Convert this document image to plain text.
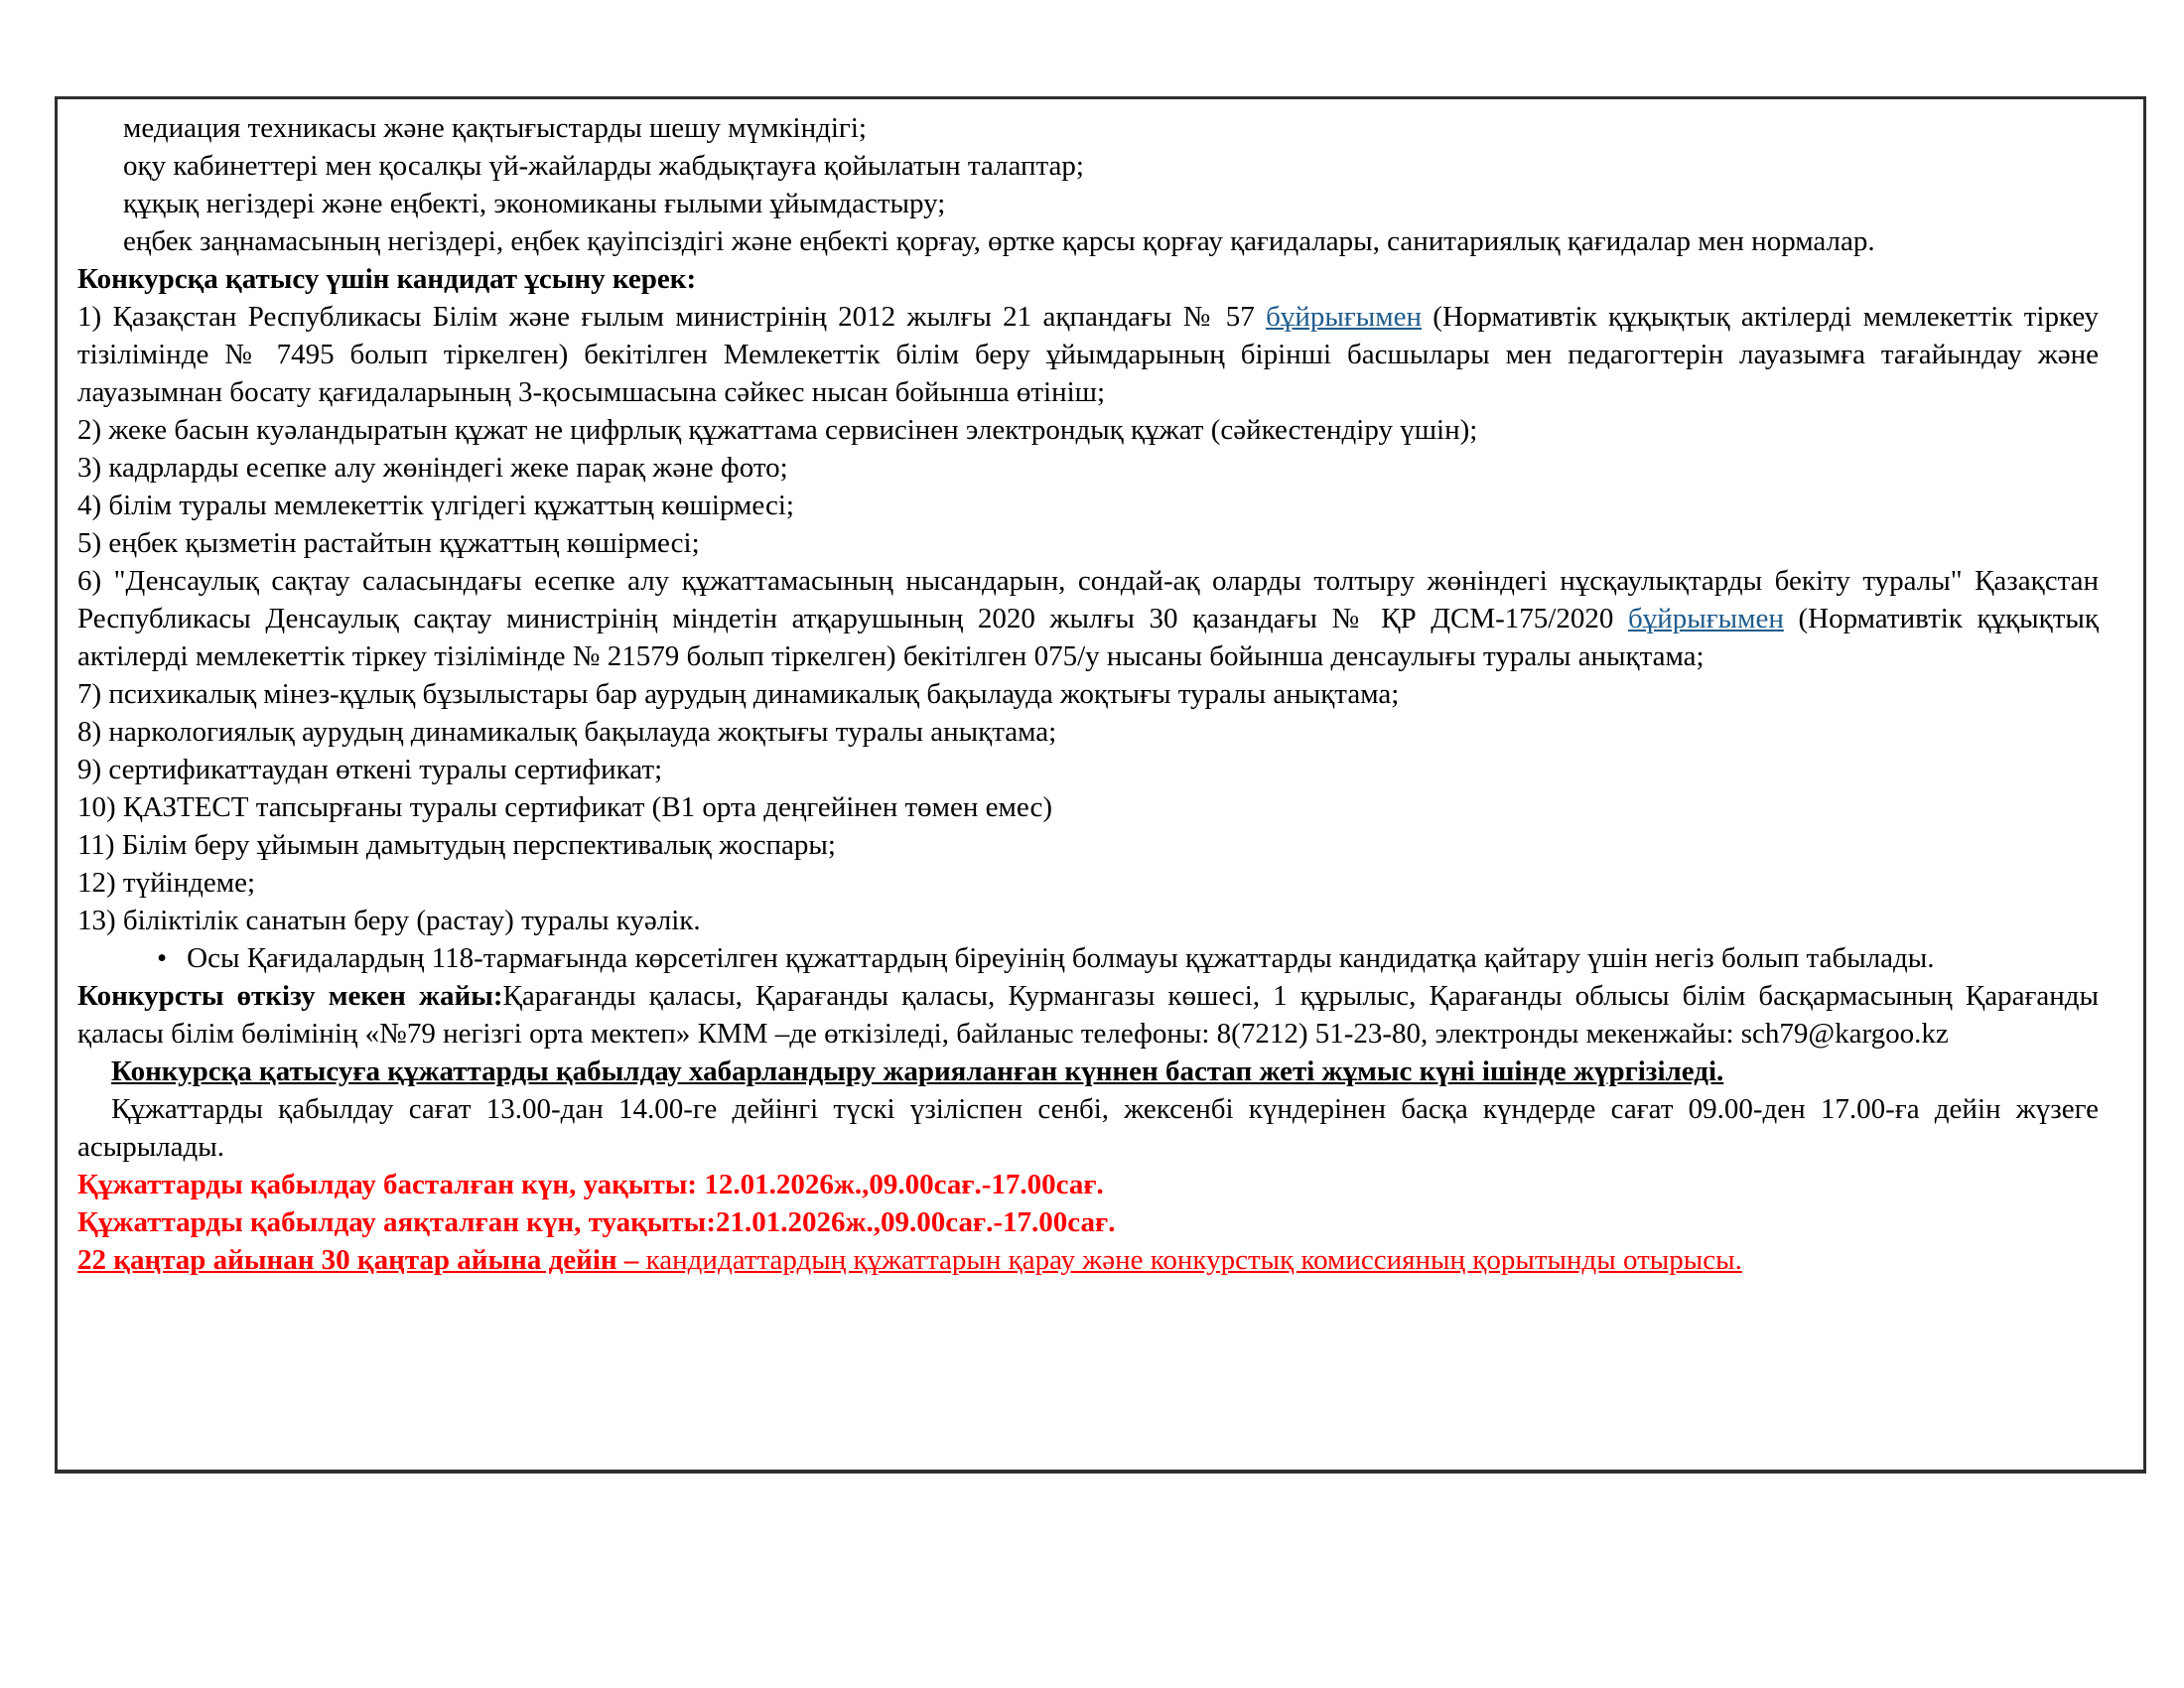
медиация техникасы және қақтығыстарды шешу мүмкіндігі;

оқу кабинеттері мен қосалқы үй-жайларды жабдықтауға қойылатын талаптар;

құқық негіздері және еңбекті, экономиканы ғылыми ұйымдастыру;

еңбек заңнамасының негіздері, еңбек қауіпсіздігі және еңбекті қорғау, өртке қарсы қорғау қағидалары, санитариялық қағидалар мен нормалар.

Конкурсқа қатысу үшін кандидат ұсыну керек:

1) Қазақстан Республикасы Білім және ғылым министрінің 2012 жылғы 21 ақпандағы № 57 бұйрығымен (Нормативтік құқықтық актілерді мемлекеттік тіркеу тізілімінде № 7495 болып тіркелген) бекітілген Мемлекеттік білім беру ұйымдарының бірінші басшылары мен педагогтерін лауазымға тағайындау және лауазымнан босату қағидаларының 3-қосымшасына сәйкес нысан бойынша өтініш;

2) жеке басын куәландыратын құжат не цифрлық құжаттама сервисінен электрондық құжат (сәйкестендіру үшін);

3) кадрларды есепке алу жөніндегі жеке парақ және фото;

4) білім туралы мемлекеттік үлгідегі құжаттың көшірмесі;

5) еңбек қызметін растайтын құжаттың көшірмесі;

6) "Денсаулық сақтау саласындағы есепке алу құжаттамасының нысандарын, сондай-ақ оларды толтыру жөніндегі нұсқаулықтарды бекіту туралы" Қазақстан Республикасы Денсаулық сақтау министрінің міндетін атқарушының 2020 жылғы 30 қазандағы № ҚР ДСМ-175/2020 бұйрығымен (Нормативтік құқықтық актілерді мемлекеттік тіркеу тізілімінде № 21579 болып тіркелген) бекітілген 075/у нысаны бойынша денсаулығы туралы анықтама;

7) психикалық мінез-құлық бұзылыстары бар аурудың динамикалық бақылауда жоқтығы туралы анықтама;

8) наркологиялық аурудың динамикалық бақылауда жоқтығы туралы анықтама;

9) сертификаттаудан өткені туралы сертификат;

10) ҚАЗТЕСТ тапсырғаны туралы сертификат (B1 орта деңгейінен төмен емес)

11) Білім беру ұйымын дамытудың перспективалық жоспары;

12) түйіндеме;

13) біліктілік санатын беру (растау) туралы куәлік.

• Осы Қағидалардың 118-тармағында көрсетілген құжаттардың біреуінің болмауы құжаттарды кандидатқа қайтару үшін негіз болып табылады.

Конкурсты өткізу мекен жайы:Қарағанды қаласы, Қарағанды қаласы, Курмангазы көшесі, 1 құрылыс, Қарағанды облысы білім басқармасының Қарағанды қаласы білім бөлімінің «№79 негізгі орта мектеп» КММ –де өткізіледі, байланыс телефоны: 8(7212) 51-23-80, электронды мекенжайы: sch79@kargoo.kz

Конкурсқа қатысуға құжаттарды қабылдау хабарландыру жарияланған күннен бастап жеті жұмыс күні ішінде жүргізіледі.

Құжаттарды қабылдау сағат 13.00-дан 14.00-ге дейінгі түскі үзіліспен сенбі, жексенбі күндерінен басқа күндерде сағат 09.00-ден 17.00-ға дейін жүзеге асырылады.

Құжаттарды қабылдау басталған күн, уақыты: 12.01.2026ж.,09.00сағ.-17.00сағ.

Құжаттарды қабылдау аяқталған күн, туақыты:21.01.2026ж.,09.00сағ.-17.00сағ.

22 қаңтар айынан 30 қаңтар айына дейін – кандидаттардың құжаттарын қарау және конкурстық комиссияның қорытынды отырысы.
